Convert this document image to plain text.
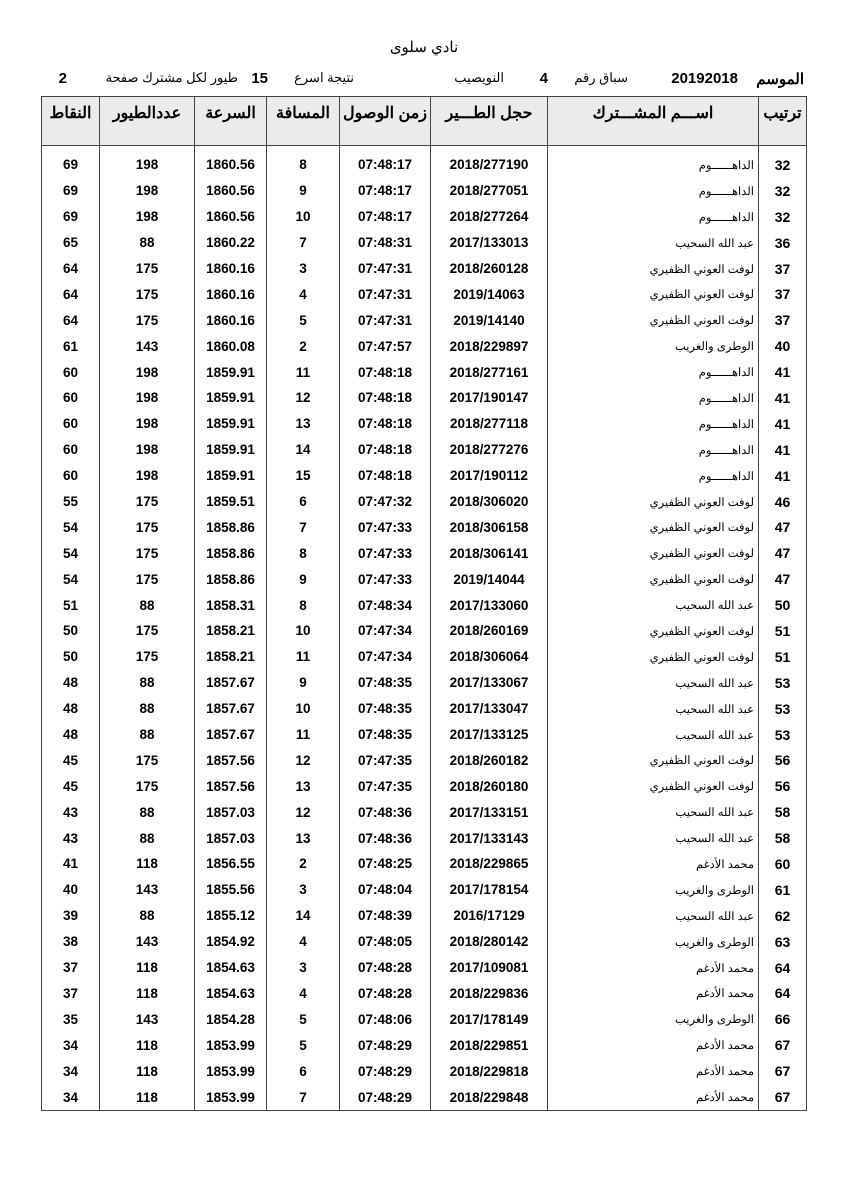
نادي سلوى
الموسم
20192018
سباق رقم
4
النويصيب
نتيجة اسرع
15
طيور لكل مشترك صفحة
2
ترتيب	اســـم المشـــترك	حجل الطـــير	زمن الوصول	المسافة	السرعة	عددالطيور	النقاط

32	الداهــــــوم	2018/277190	07:48:17	8	1860.56	198	69
32	الداهــــــوم	2018/277051	07:48:17	9	1860.56	198	69
32	الداهــــــوم	2018/277264	07:48:17	10	1860.56	198	69
36	عبد الله السحيب	2017/133013	07:48:31	7	1860.22	88	65
37	لوفت العوني الظفيري	2018/260128	07:47:31	3	1860.16	175	64
37	لوفت العوني الظفيري	2019/14063	07:47:31	4	1860.16	175	64
37	لوفت العوني الظفيري	2019/14140	07:47:31	5	1860.16	175	64
40	الوطرى والغريب	2018/229897	07:47:57	2	1860.08	143	61
41	الداهــــــوم	2018/277161	07:48:18	11	1859.91	198	60
41	الداهــــــوم	2017/190147	07:48:18	12	1859.91	198	60
41	الداهــــــوم	2018/277118	07:48:18	13	1859.91	198	60
41	الداهــــــوم	2018/277276	07:48:18	14	1859.91	198	60
41	الداهــــــوم	2017/190112	07:48:18	15	1859.91	198	60
46	لوفت العوني الظفيري	2018/306020	07:47:32	6	1859.51	175	55
47	لوفت العوني الظفيري	2018/306158	07:47:33	7	1858.86	175	54
47	لوفت العوني الظفيري	2018/306141	07:47:33	8	1858.86	175	54
47	لوفت العوني الظفيري	2019/14044	07:47:33	9	1858.86	175	54
50	عبد الله السحيب	2017/133060	07:48:34	8	1858.31	88	51
51	لوفت العوني الظفيري	2018/260169	07:47:34	10	1858.21	175	50
51	لوفت العوني الظفيري	2018/306064	07:47:34	11	1858.21	175	50
53	عبد الله السحيب	2017/133067	07:48:35	9	1857.67	88	48
53	عبد الله السحيب	2017/133047	07:48:35	10	1857.67	88	48
53	عبد الله السحيب	2017/133125	07:48:35	11	1857.67	88	48
56	لوفت العوني الظفيري	2018/260182	07:47:35	12	1857.56	175	45
56	لوفت العوني الظفيري	2018/260180	07:47:35	13	1857.56	175	45
58	عبد الله السحيب	2017/133151	07:48:36	12	1857.03	88	43
58	عبد الله السحيب	2017/133143	07:48:36	13	1857.03	88	43
60	محمد الأدغم	2018/229865	07:48:25	2	1856.55	118	41
61	الوطرى والغريب	2017/178154	07:48:04	3	1855.56	143	40
62	عبد الله السحيب	2016/17129	07:48:39	14	1855.12	88	39
63	الوطرى والغريب	2018/280142	07:48:05	4	1854.92	143	38
64	محمد الأدغم	2017/109081	07:48:28	3	1854.63	118	37
64	محمد الأدغم	2018/229836	07:48:28	4	1854.63	118	37
66	الوطرى والغريب	2017/178149	07:48:06	5	1854.28	143	35
67	محمد الأدغم	2018/229851	07:48:29	5	1853.99	118	34
67	محمد الأدغم	2018/229818	07:48:29	6	1853.99	118	34
67	محمد الأدغم	2018/229848	07:48:29	7	1853.99	118	34
